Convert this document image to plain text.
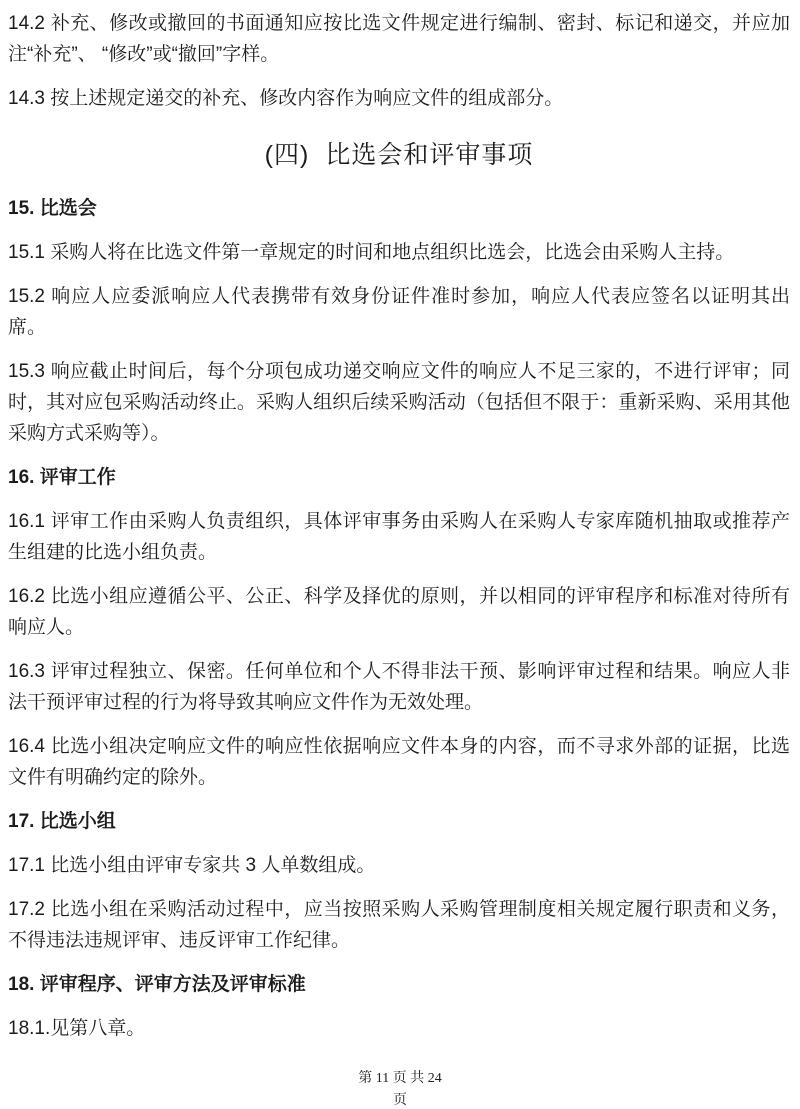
14.2 补充、修改或撤回的书面通知应按比选文件规定进行编制、密封、标记和递交，并应加注“补充”、 “修改”或“撤回”字样。

14.3 按上述规定递交的补充、修改内容作为响应文件的组成部分。

(四) 比选会和评审事项
15. 比选会

15.1 采购人将在比选文件第一章规定的时间和地点组织比选会，比选会由采购人主持。

15.2 响应人应委派响应人代表携带有效身份证件准时参加，响应人代表应签名以证明其出席。

15.3 响应截止时间后，每个分项包成功递交响应文件的响应人不足三家的，不进行评审；同时，其对应包采购活动终止。采购人组织后续采购活动（包括但不限于：重新采购、采用其他采购方式采购等）。

16. 评审工作

16.1 评审工作由采购人负责组织，具体评审事务由采购人在采购人专家库随机抽取或推荐产生组建的比选小组负责。

16.2 比选小组应遵循公平、公正、科学及择优的原则，并以相同的评审程序和标准对待所有响应人。

16.3 评审过程独立、保密。任何单位和个人不得非法干预、影响评审过程和结果。响应人非法干预评审过程的行为将导致其响应文件作为无效处理。

16.4 比选小组决定响应文件的响应性依据响应文件本身的内容，而不寻求外部的证据，比选文件有明确约定的除外。

17. 比选小组

17.1 比选小组由评审专家共 3 人单数组成。

17.2 比选小组在采购活动过程中，应当按照采购人采购管理制度相关规定履行职责和义务，不得违法违规评审、违反评审工作纪律。

18. 评审程序、评审方法及评审标准

18.1.见第八章。

第 11 页 共 24
页
